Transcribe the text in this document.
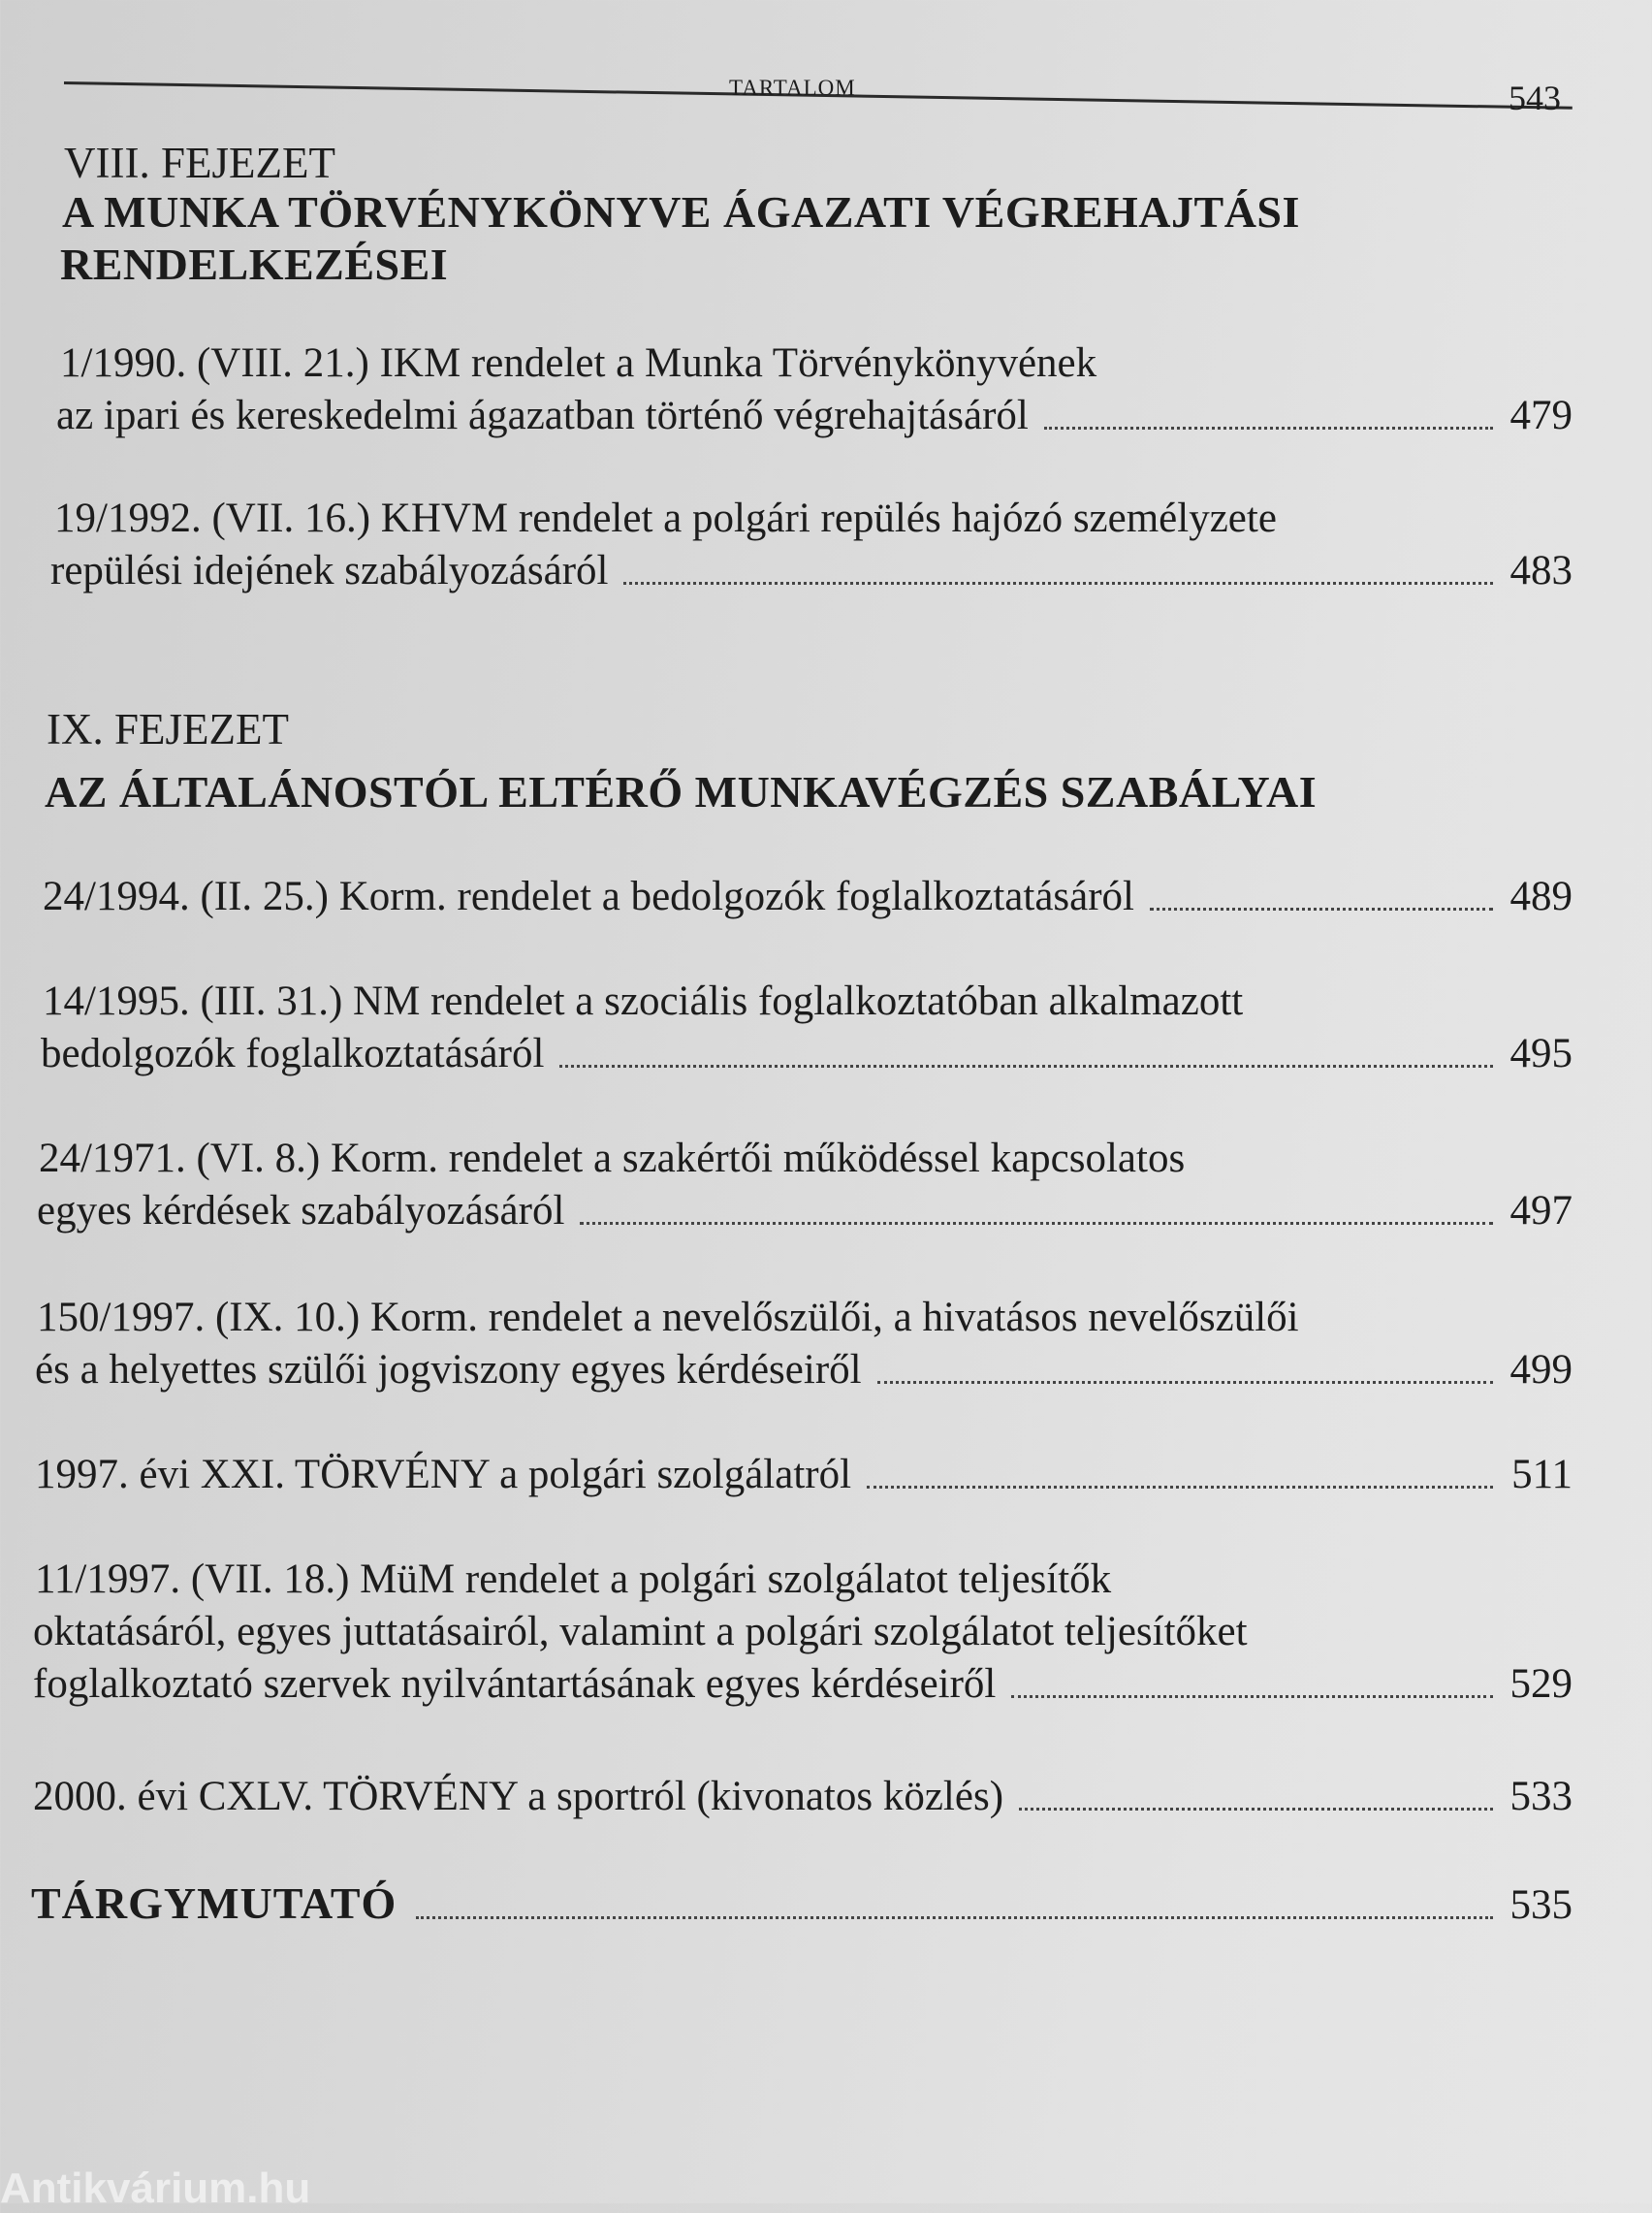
TARTALOM	543
VIII. FEJEZET
A MUNKA TÖRVÉNYKÖNYVE ÁGAZATI VÉGREHAJTÁSI
RENDELKEZÉSEI
1/1990. (VIII. 21.) IKM rendelet a Munka Törvénykönyvének
az ipari és kereskedelmi ágazatban történő végrehajtásáról	479
19/1992. (VII. 16.) KHVM rendelet a polgári repülés hajózó személyzete
repülési idejének szabályozásáról	483
IX. FEJEZET
AZ ÁLTALÁNOSTÓL ELTÉRŐ MUNKAVÉGZÉS SZABÁLYAI
24/1994. (II. 25.) Korm. rendelet a bedolgozók foglalkoztatásáról	489
14/1995. (III. 31.) NM rendelet a szociális foglalkoztatóban alkalmazott
bedolgozók foglalkoztatásáról	495
24/1971. (VI. 8.) Korm. rendelet a szakértői működéssel kapcsolatos
egyes kérdések szabályozásáról	497
150/1997. (IX. 10.) Korm. rendelet a nevelőszülői, a hivatásos nevelőszülői
és a helyettes szülői jogviszony egyes kérdéseiről	499
1997. évi XXI. TÖRVÉNY a polgári szolgálatról	511
11/1997. (VII. 18.) MüM rendelet a polgári szolgálatot teljesítők
oktatásáról, egyes juttatásairól, valamint a polgári szolgálatot teljesítőket
foglalkoztató szervek nyilvántartásának egyes kérdéseiről	529
2000. évi CXLV. TÖRVÉNY a sportról (kivonatos közlés)	533
TÁRGYMUTATÓ	535
Antikvárium.hu
